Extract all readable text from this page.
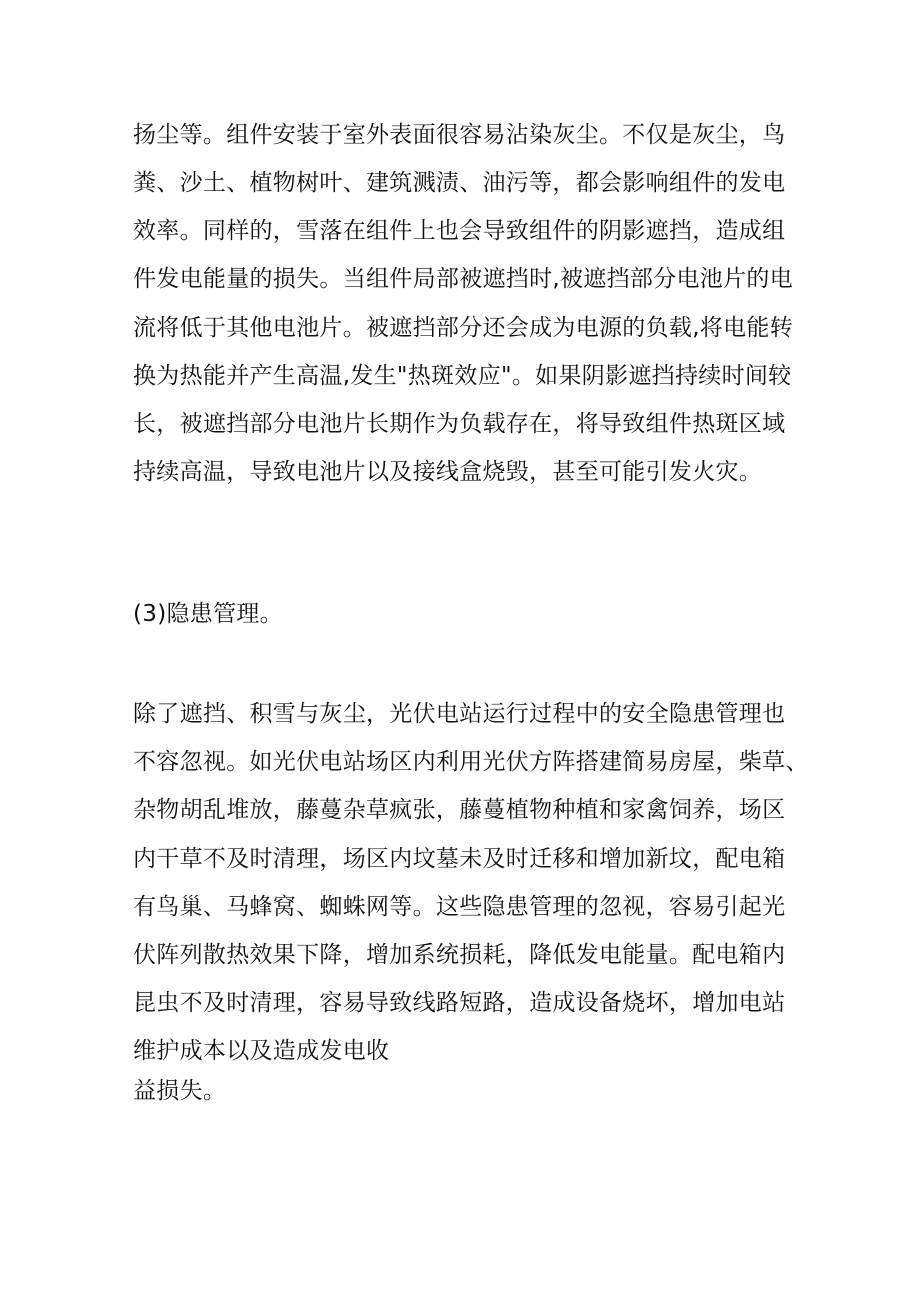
扬尘等。组件安装于室外表面很容易沾染灰尘。不仅是灰尘，鸟
粪、沙土、植物树叶、建筑溅渍、油污等，都会影响组件的发电
效率。同样的，雪落在组件上也会导致组件的阴影遮挡，造成组
件发电能量的损失。当组件局部被遮挡时,被遮挡部分电池片的电
流将低于其他电池片。被遮挡部分还会成为电源的负载,将电能转
换为热能并产生高温,发生"热斑效应"。如果阴影遮挡持续时间较
长，被遮挡部分电池片长期作为负载存在，将导致组件热斑区域
持续高温，导致电池片以及接线盒烧毁，甚至可能引发火灾。
(3)隐患管理。
除了遮挡、积雪与灰尘，光伏电站运行过程中的安全隐患管理也
不容忽视。如光伏电站场区内利用光伏方阵搭建简易房屋，柴草、
杂物胡乱堆放，藤蔓杂草疯张，藤蔓植物种植和家禽饲养，场区
内干草不及时清理，场区内坟墓未及时迁移和增加新坟，配电箱
有鸟巢、马蜂窝、蜘蛛网等。这些隐患管理的忽视，容易引起光
伏阵列散热效果下降，增加系统损耗，降低发电能量。配电箱内
昆虫不及时清理，容易导致线路短路，造成设备烧坏，增加电站
维护成本以及造成发电收
益损失。
